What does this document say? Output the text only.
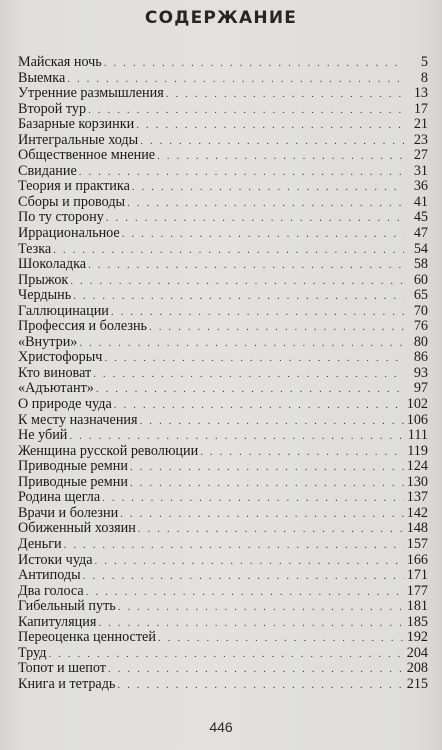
СОДЕРЖАНИЕ
Майская ночь . . .	5
Выемка . . .	8
Утренние размышления . . .	13
Второй тур . . .	17
Базарные корзинки . . .	21
Интегральные ходы . . .	23
Общественное мнение . . .	27
Свидание . . .	31
Теория и практика . . .	36
Сборы и проводы . . .	41
По ту сторону . . .	45
Иррациональное . . .	47
Тезка . . .	54
Шоколадка . . .	58
Прыжок . . .	60
Чердынь . . .	65
Галлюцинации . . .	70
Профессия и болезнь . . .	76
«Внутри» . . .	80
Христофорыч . . .	86
Кто виноват . . .	93
«Адъютант» . . .	97
О природе чуда . . .	102
К месту назначения . . .	106
Не убий . . .	111
Женщина русской революции . . .	119
Приводные ремни . . .	124
Приводные ремни . . .	130
Родина щегла . . .	137
Врачи и болезни . . .	142
Обиженный хозяин . . .	148
Деньги . . .	157
Истоки чуда . . .	166
Антиподы . . .	171
Два голоса . . .	177
Гибельный путь . . .	181
Капитуляция . . .	185
Переоценка ценностей . . .	192
Труд . . .	204
Топот и шепот . . .	208
Книга и тетрадь . . .	215
446
